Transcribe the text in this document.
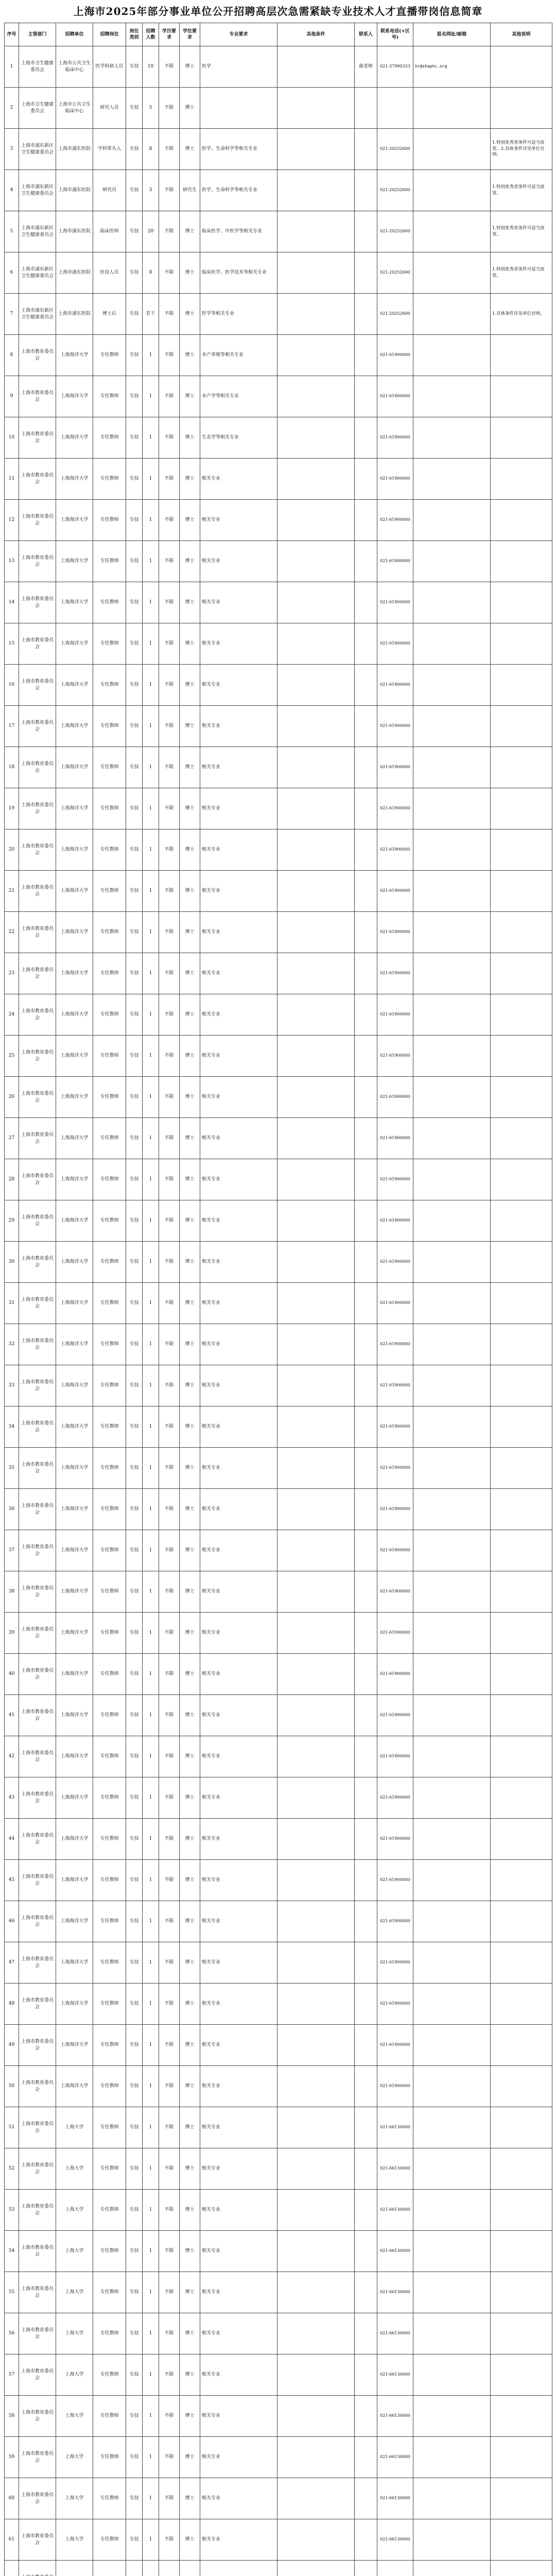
上海市2025年部分事业单位公开招聘高层次急需紧缺专业技术人才直播带岗信息简章
序号	主管部门	招聘单位	招聘岗位	岗位类别	招聘人数	学历要求	学位要求	专业要求	其他条件	联系人	联系电话(+区号)	报名网址/邮箱	其他说明
1	上海市卫生健康委员会	上海市公共卫生临床中心	医学科研人员	专技	10	不限	博士	医学		曲老师	021-37990333	hr@shaphc.org	
2	上海市卫生健康委员会	上海市公共卫生临床中心	研究人员	专技	5	不限	博士						
3	上海市浦东新区卫生健康委员会	上海市浦东医院	学科带头人	专技	8	不限	博士	医学、生命科学等相关专业			021-20252600		1.特别优秀者条件可适当放宽。2.具体条件详见单位官网。
4	上海市浦东新区卫生健康委员会	上海市浦东医院	研究员	专技	3	不限	研究生	医学、生命科学等相关专业			021-20252600		1.特别优秀者条件可适当放宽。
5	上海市浦东新区卫生健康委员会	上海市浦东医院	临床医师	专技	20	不限	博士	临床医学、中医学等相关专业			021-20252600		1.特别优秀者条件可适当放宽。
6	上海市浦东新区卫生健康委员会	上海市浦东医院	医技人员	专技	8	不限	博士	临床医学、医学技术等相关专业			021-20252600		1.特别优秀者条件可适当放宽。
7	上海市浦东新区卫生健康委员会	上海市浦东医院	博士后	专技	若干	不限	博士	医学等相关专业			021-20252600		1.具体条件详见单位官网。
8	上海市教育委员会	上海海洋大学	专任教师	专技	1	不限	博士	水产养殖等相关专业			021-61900000		
9	上海市教育委员会	上海海洋大学	专任教师	专技	1	不限	博士	水产学等相关专业			021-61900000		
10	上海市教育委员会	上海海洋大学	专任教师	专技	1	不限	博士	生态学等相关专业			021-61900000		
11	上海市教育委员会	上海海洋大学	专任教师	专技	1	不限	博士	相关专业			021-61900000		
12	上海市教育委员会	上海海洋大学	专任教师	专技	1	不限	博士	相关专业			021-61900000		
13	上海市教育委员会	上海海洋大学	专任教师	专技	1	不限	博士	相关专业			021-61900000		
14	上海市教育委员会	上海海洋大学	专任教师	专技	1	不限	博士	相关专业			021-61900000		
15	上海市教育委员会	上海海洋大学	专任教师	专技	1	不限	博士	相关专业			021-61900000		
16	上海市教育委员会	上海海洋大学	专任教师	专技	1	不限	博士	相关专业			021-61900000		
17	上海市教育委员会	上海海洋大学	专任教师	专技	1	不限	博士	相关专业			021-61900000		
18	上海市教育委员会	上海海洋大学	专任教师	专技	1	不限	博士	相关专业			021-61900000		
19	上海市教育委员会	上海海洋大学	专任教师	专技	1	不限	博士	相关专业			021-61900000		
20	上海市教育委员会	上海海洋大学	专任教师	专技	1	不限	博士	相关专业			021-61900000		
21	上海市教育委员会	上海海洋大学	专任教师	专技	1	不限	博士	相关专业			021-61900000		
22	上海市教育委员会	上海海洋大学	专任教师	专技	1	不限	博士	相关专业			021-61900000		
23	上海市教育委员会	上海海洋大学	专任教师	专技	1	不限	博士	相关专业			021-61900000		
24	上海市教育委员会	上海海洋大学	专任教师	专技	1	不限	博士	相关专业			021-61900000		
25	上海市教育委员会	上海海洋大学	专任教师	专技	1	不限	博士	相关专业			021-61900000		
26	上海市教育委员会	上海海洋大学	专任教师	专技	1	不限	博士	相关专业			021-61900000		
27	上海市教育委员会	上海海洋大学	专任教师	专技	1	不限	博士	相关专业			021-61900000		
28	上海市教育委员会	上海海洋大学	专任教师	专技	1	不限	博士	相关专业			021-61900000		
29	上海市教育委员会	上海海洋大学	专任教师	专技	1	不限	博士	相关专业			021-61900000		
30	上海市教育委员会	上海海洋大学	专任教师	专技	1	不限	博士	相关专业			021-61900000		
31	上海市教育委员会	上海海洋大学	专任教师	专技	1	不限	博士	相关专业			021-61900000		
32	上海市教育委员会	上海海洋大学	专任教师	专技	1	不限	博士	相关专业			021-61900000		
33	上海市教育委员会	上海海洋大学	专任教师	专技	1	不限	博士	相关专业			021-61900000		
34	上海市教育委员会	上海海洋大学	专任教师	专技	1	不限	博士	相关专业			021-61900000		
35	上海市教育委员会	上海海洋大学	专任教师	专技	1	不限	博士	相关专业			021-61900000		
36	上海市教育委员会	上海海洋大学	专任教师	专技	1	不限	博士	相关专业			021-61900000		
37	上海市教育委员会	上海海洋大学	专任教师	专技	1	不限	博士	相关专业			021-61900000		
38	上海市教育委员会	上海海洋大学	专任教师	专技	1	不限	博士	相关专业			021-61900000		
39	上海市教育委员会	上海海洋大学	专任教师	专技	1	不限	博士	相关专业			021-61900000		
40	上海市教育委员会	上海海洋大学	专任教师	专技	1	不限	博士	相关专业			021-61900000		
41	上海市教育委员会	上海海洋大学	专任教师	专技	1	不限	博士	相关专业			021-61900000		
42	上海市教育委员会	上海海洋大学	专任教师	专技	1	不限	博士	相关专业			021-61900000		
43	上海市教育委员会	上海海洋大学	专任教师	专技	1	不限	博士	相关专业			021-61900000		
44	上海市教育委员会	上海海洋大学	专任教师	专技	1	不限	博士	相关专业			021-61900000		
45	上海市教育委员会	上海海洋大学	专任教师	专技	1	不限	博士	相关专业			021-61900000		
46	上海市教育委员会	上海海洋大学	专任教师	专技	1	不限	博士	相关专业			021-61900000		
47	上海市教育委员会	上海海洋大学	专任教师	专技	1	不限	博士	相关专业			021-61900000		
48	上海市教育委员会	上海海洋大学	专任教师	专技	1	不限	博士	相关专业			021-61900000		
49	上海市教育委员会	上海海洋大学	专任教师	专技	1	不限	博士	相关专业			021-61900000		
50	上海市教育委员会	上海海洋大学	专任教师	专技	1	不限	博士	相关专业			021-61900000		
51	上海市教育委员会	上海大学	专任教师	专技	1	不限	博士	相关专业			021-66130000		
52	上海市教育委员会	上海大学	专任教师	专技	1	不限	博士	相关专业			021-66130000		
53	上海市教育委员会	上海大学	专任教师	专技	1	不限	博士	相关专业			021-66130000		
54	上海市教育委员会	上海大学	专任教师	专技	1	不限	博士	相关专业			021-66130000		
55	上海市教育委员会	上海大学	专任教师	专技	1	不限	博士	相关专业			021-66130000		
56	上海市教育委员会	上海大学	专任教师	专技	1	不限	博士	相关专业			021-66130000		
57	上海市教育委员会	上海大学	专任教师	专技	1	不限	博士	相关专业			021-66130000		
58	上海市教育委员会	上海大学	专任教师	专技	1	不限	博士	相关专业			021-66130000		
59	上海市教育委员会	上海大学	专任教师	专技	1	不限	博士	相关专业			021-66130000		
60	上海市教育委员会	上海大学	专任教师	专技	1	不限	博士	相关专业			021-66130000		
61	上海市教育委员会	上海大学	专任教师	专技	1	不限	博士	相关专业			021-66130000		
